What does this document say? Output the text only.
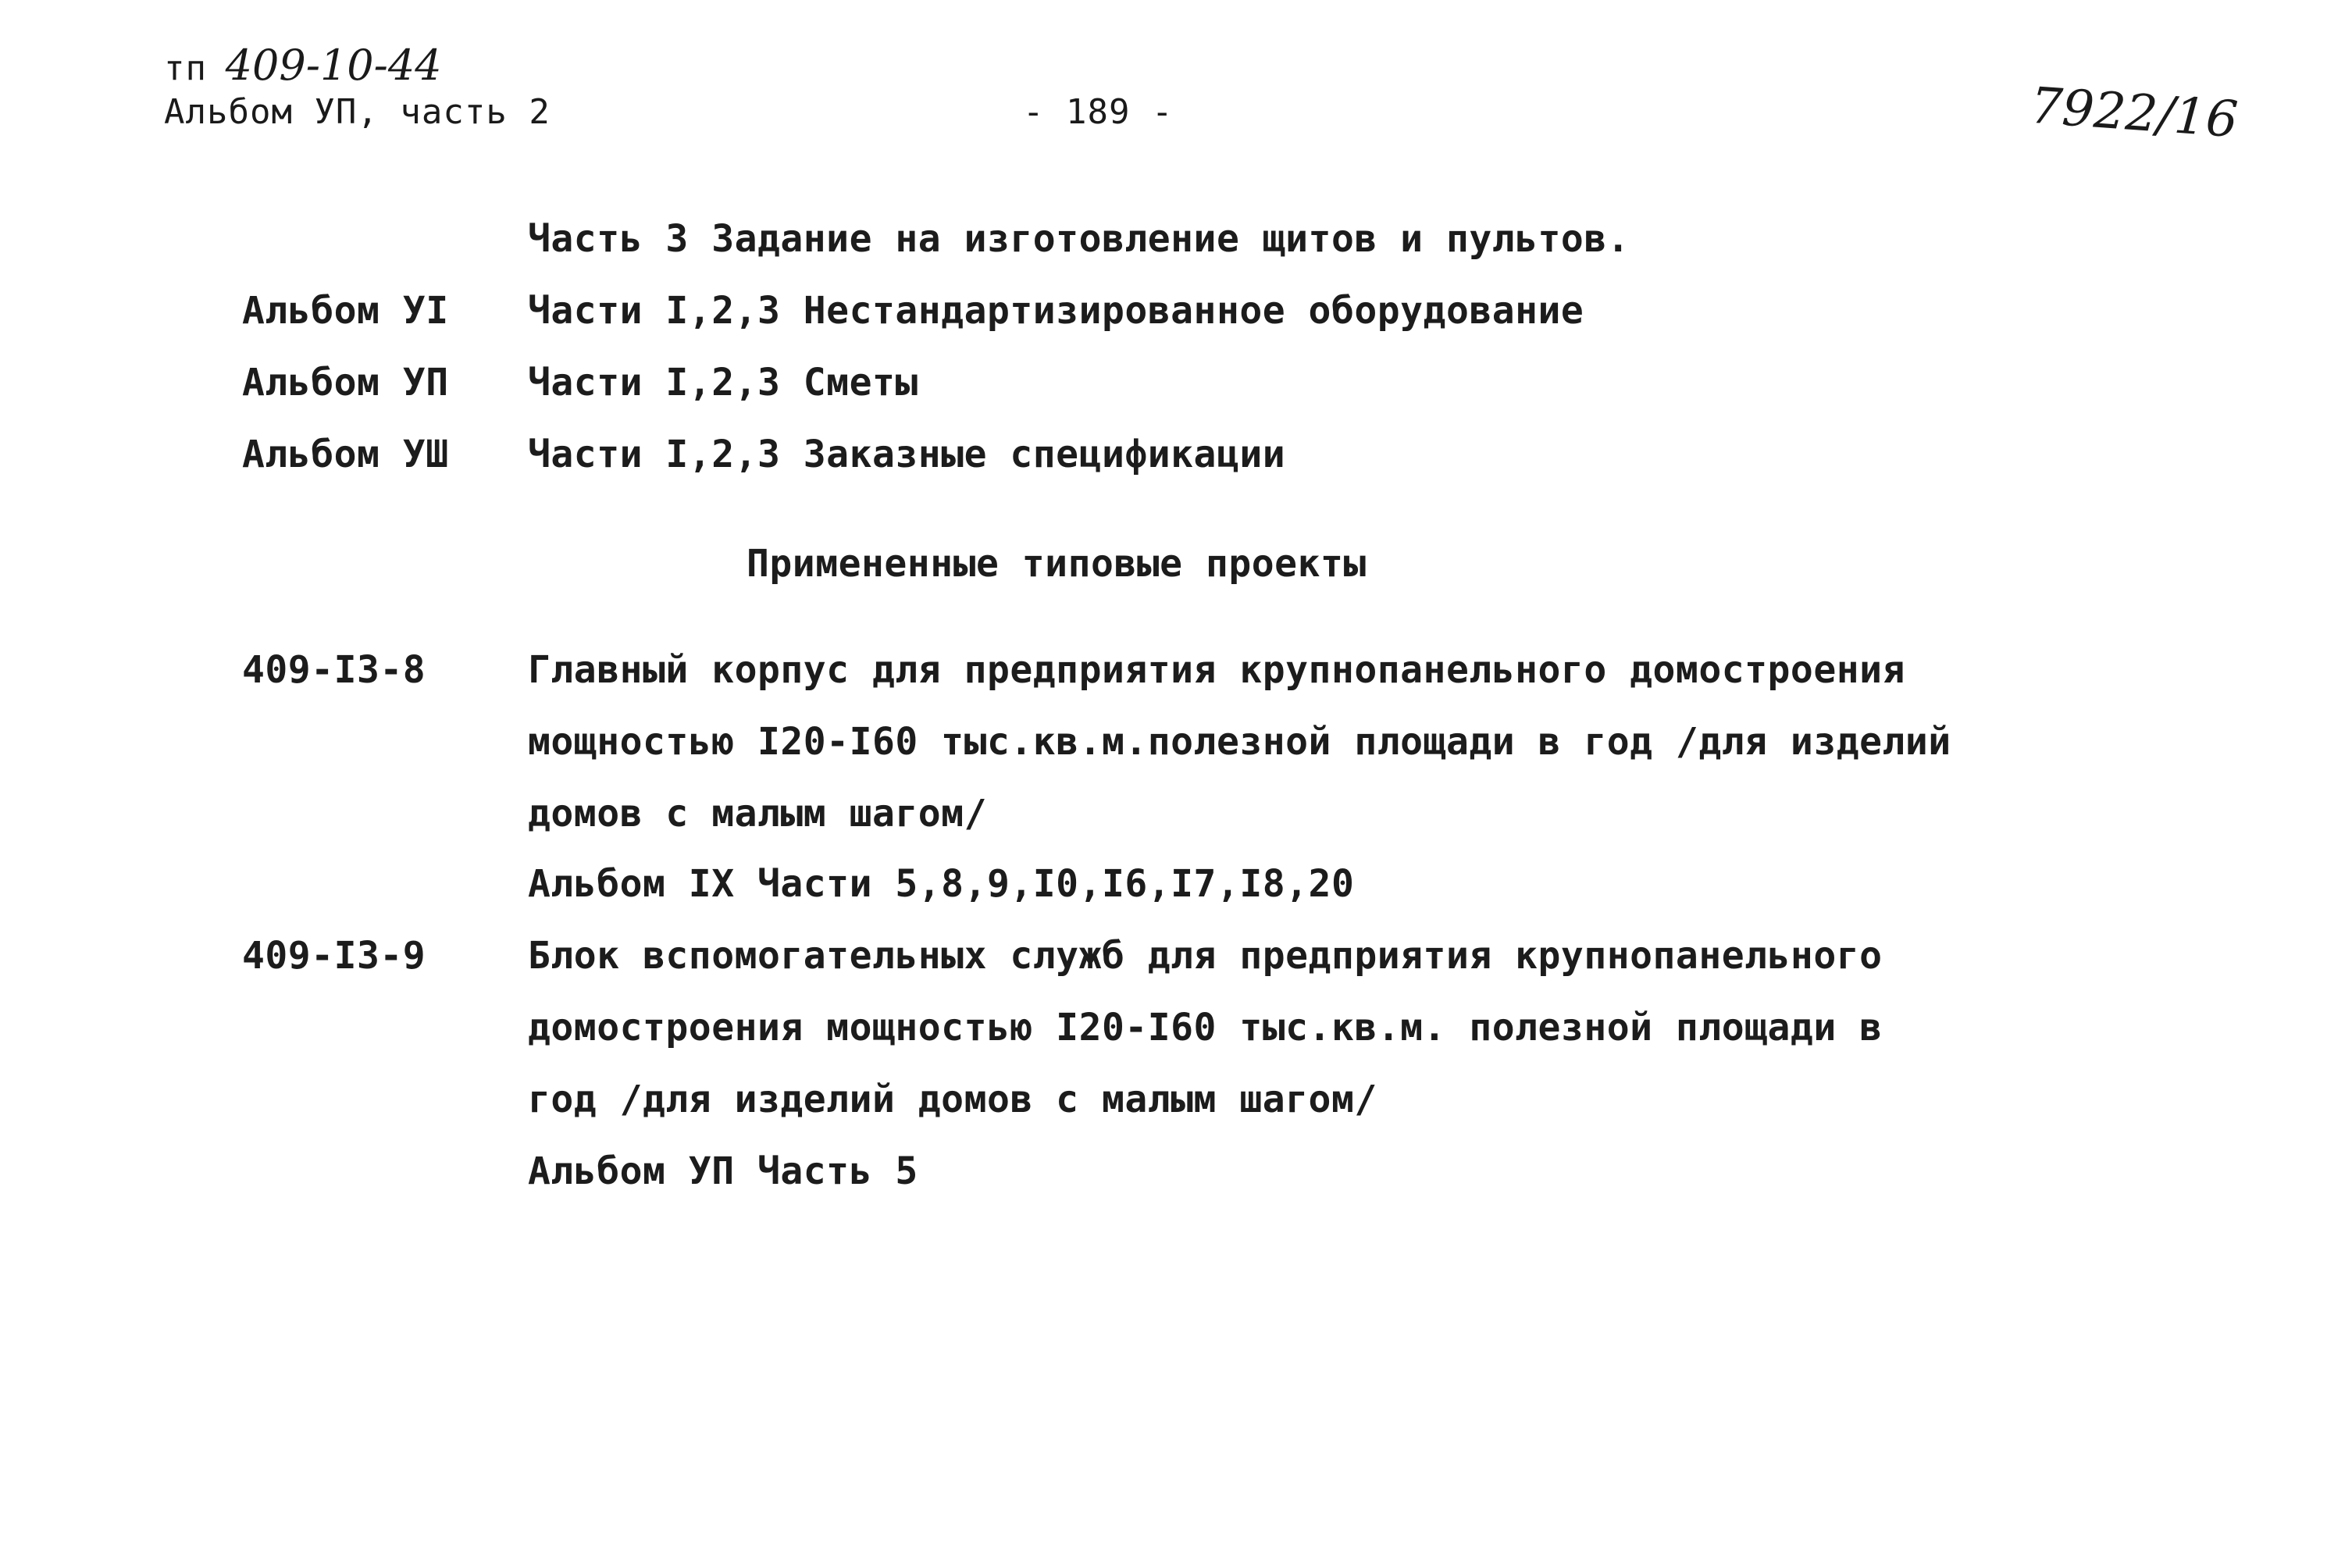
тп 409-10-44
Альбом УП, часть 2	- 189 -	7922/16
Часть 3 Задание на изготовление щитов и пультов.
Альбом УI Части I,2,3 Нестандартизированное оборудование
Альбом УП Части I,2,3 Сметы
Альбом УШ Части I,2,3 Заказные спецификации
Примененные типовые проекты
409-I3-8	Главный корпус для предприятия крупнопанельного домостроения
мощностью I20-I60 тыс.кв.м.полезной площади в год /для изделий
домов с малым шагом/
Альбом IX Части 5,8,9,I0,I6,I7,I8,20
409-I3-9	Блок вспомогательных служб для предприятия крупнопанельного
домостроения мощностью I20-I60 тыс.кв.м. полезной площади в
год /для изделий домов с малым шагом/
Альбом УП Часть 5
